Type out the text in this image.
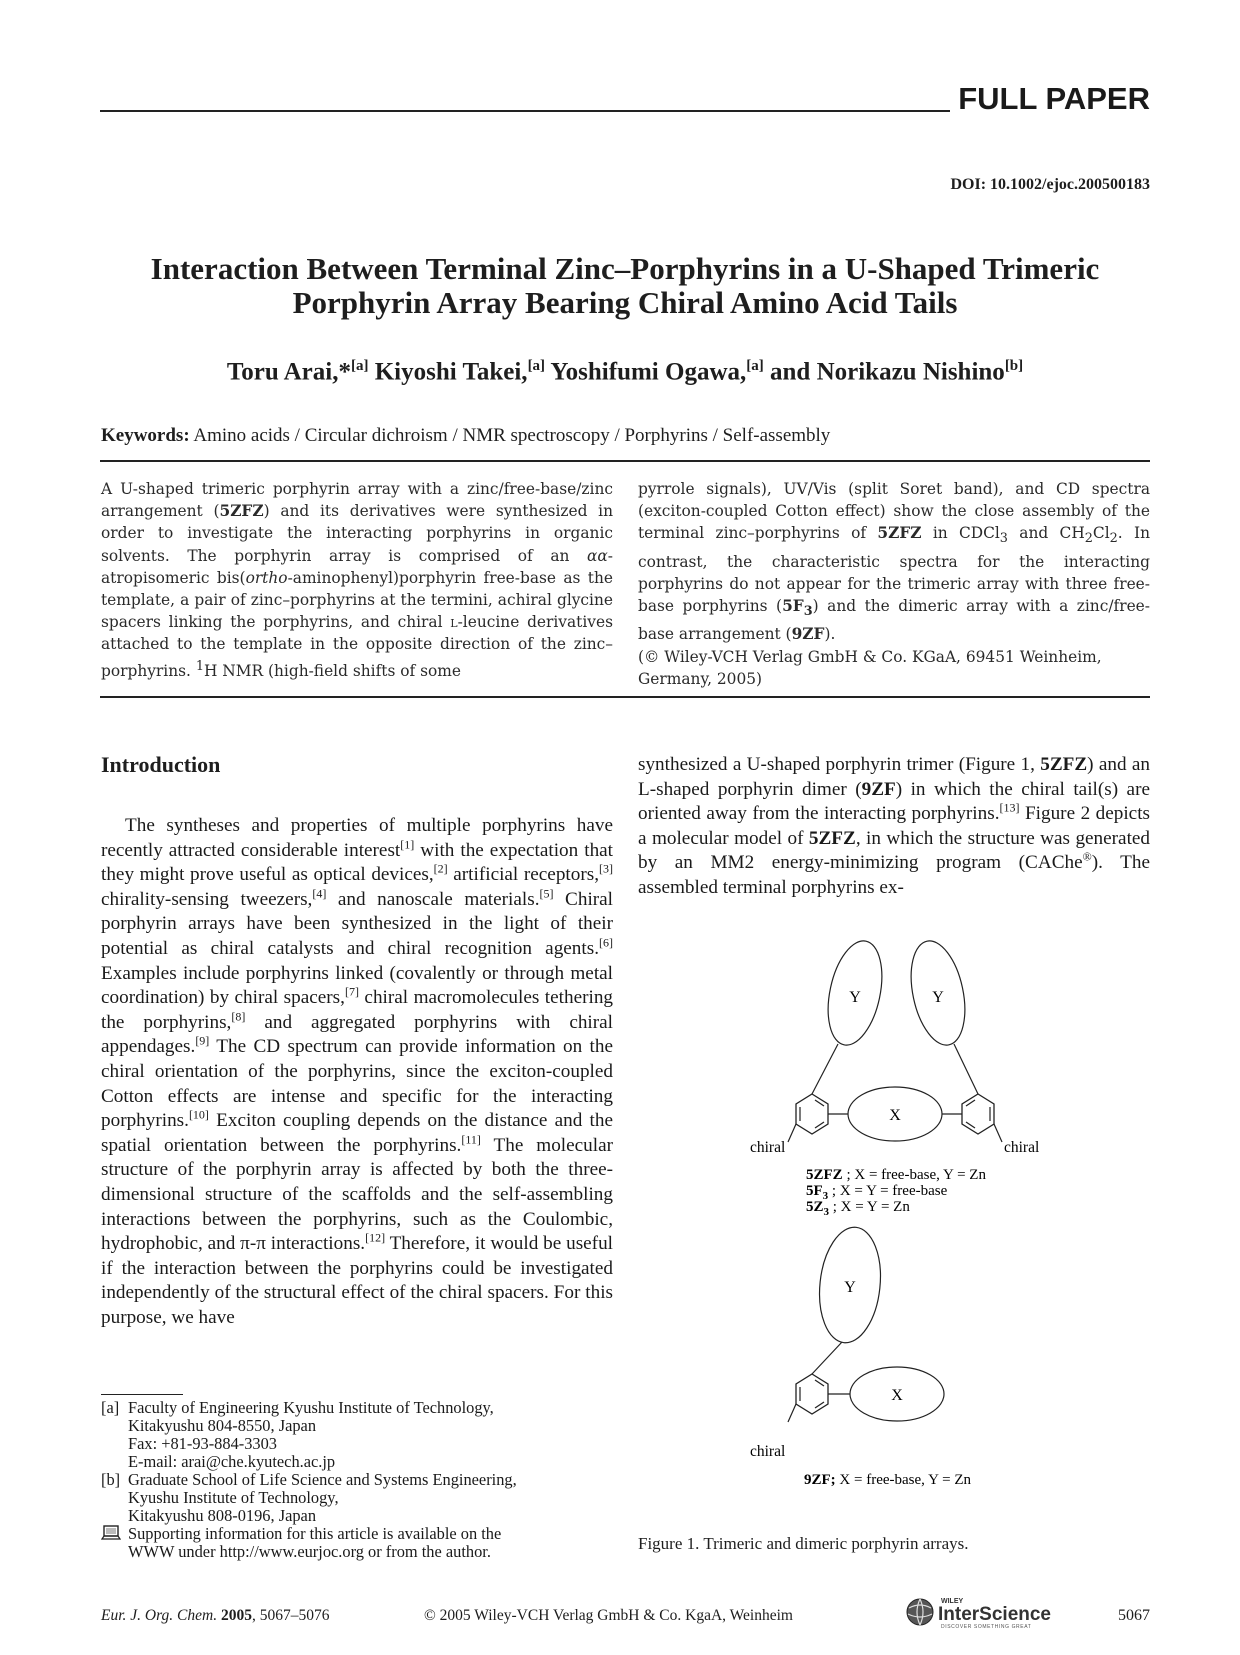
FULL PAPER
DOI: 10.1002/ejoc.200500183
Interaction Between Terminal Zinc–Porphyrins in a U-Shaped Trimeric
Porphyrin Array Bearing Chiral Amino Acid Tails
Toru Arai,*[a] Kiyoshi Takei,[a] Yoshifumi Ogawa,[a] and Norikazu Nishino[b]
Keywords: Amino acids / Circular dichroism / NMR spectroscopy / Porphyrins / Self-assembly

A U-shaped trimeric porphyrin array with a zinc/free-base/zinc arrangement (5ZFZ) and its derivatives were synthesized in order to investigate the interacting porphyrins in organic solvents. The porphyrin array is comprised of an αα-atropisomeric bis(ortho-aminophenyl)porphyrin free-base as the template, a pair of zinc–porphyrins at the termini, achiral glycine spacers linking the porphyrins, and chiral l-leucine derivatives attached to the template in the opposite direction of the zinc–porphyrins. $^1$H NMR (high-field shifts of some

pyrrole signals), UV/Vis (split Soret band), and CD spectra (exciton-coupled Cotton effect) show the close assembly of the terminal zinc–porphyrins of 5ZFZ in CDCl$_3$ and $CH_2Cl_2$. In contrast, the characteristic spectra for the interacting porphyrins do not appear for the trimeric array with three free-base porphyrins $(5F_3)$ and the dimeric array with a zinc/free-base arrangement (9ZF).

(© Wiley-VCH Verlag GmbH & Co. KGaA, 69451 Weinheim,

Germany, 2005)

Introduction
The syntheses and properties of multiple porphyrins have recently attracted considerable interest[1] with the expectation that they might prove useful as optical devices,[2] artificial receptors,[3] chirality-sensing tweezers,[4] and nanoscale materials.[5] Chiral porphyrin arrays have been synthesized in the light of their potential as chiral catalysts and chiral recognition agents.[6] Examples include porphyrins linked (covalently or through metal coordination) by chiral spacers,[7] chiral macromolecules tethering the porphyrins,[8] and aggregated porphyrins with chiral appendages.[9] The CD spectrum can provide information on the chiral orientation of the porphyrins, since the exciton-coupled Cotton effects are intense and specific for the interacting porphyrins.[10] Exciton coupling depends on the distance and the spatial orientation between the porphyrins.[11] The molecular structure of the porphyrin array is affected by both the three-dimensional structure of the scaffolds and the self-assembling interactions between the porphyrins, such as the Coulombic, hydrophobic, and π-π interactions.[12] Therefore, it would be useful if the interaction between the porphyrins could be investigated independently of the structural effect of the chiral spacers. For this purpose, we have
synthesized a U-shaped porphyrin trimer (Figure 1, 5ZFZ) and an L-shaped porphyrin dimer (9ZF) in which the chiral tail(s) are oriented away from the interacting porphyrins.[13] Figure 2 depicts a molecular model of 5ZFZ, in which the structure was generated by an MM2 energy-minimizing program (CAChe®). The assembled terminal porphyrins ex-
[a] Faculty of Engineering Kyushu Institute of Technology,
Kitakyushu 804-8550, Japan
Fax: +81-93-884-3303
E-mail: arai@che.kyutech.ac.jp
[b] Graduate School of Life Science and Systems Engineering,
Kyushu Institute of Technology,
Kitakyushu 808-0196, Japan
Supporting information for this article is available on the
WWW under http://www.eurjoc.org or from the author.
Y	Y
X
chiral	chiral
5ZFZ ; X = free-base, Y = Zn
$5F_3$ ; X = Y = free-base
$5Z_3$ ; X = Y = Zn
Y
X
chiral
9ZF; X = free-base, Y = Zn
Figure 1. Trimeric and dimeric porphyrin arrays.
Eur. J. Org. Chem. 2005, 5067–5076	© 2005 Wiley-VCH Verlag GmbH & Co. KgaA, Weinheim
WILEY
InterScience
DISCOVER SOMETHING GREAT
5067
